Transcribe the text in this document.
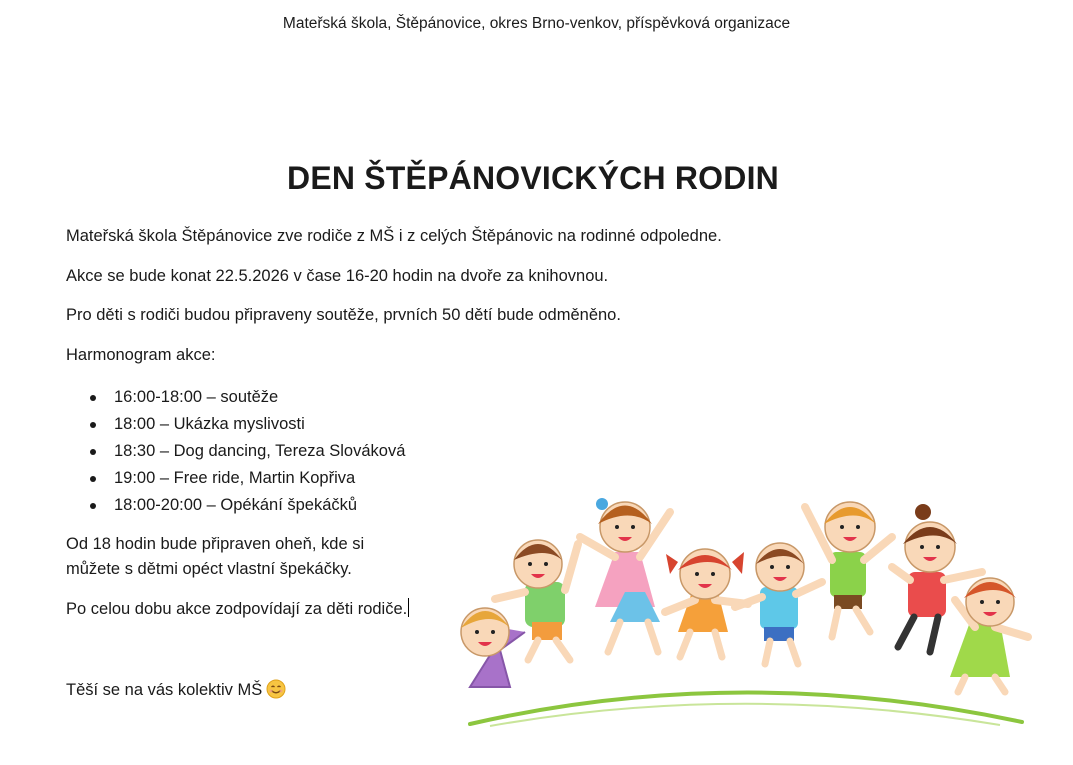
Mateřská škola, Štěpánovice, okres Brno-venkov, příspěvková organizace
DEN ŠTĚPÁNOVICKÝCH RODIN

Mateřská škola Štěpánovice zve rodiče z MŠ i z celých Štěpánovic na rodinné odpoledne.

Akce se bude konat 22.5.2026 v čase 16-20 hodin na dvoře za knihovnou.

Pro děti s rodiči budou připraveny soutěže, prvních 50 dětí bude odměněno.

Harmonogram akce:

16:00-18:00 – soutěže
18:00 – Ukázka myslivosti
18:30 – Dog dancing, Tereza Slováková
19:00 – Free ride, Martin Kopřiva
18:00-20:00 – Opékání špekáčků

Od 18 hodin bude připraven oheň, kde si můžete s dětmi opéct vlastní špekáčky.

Po celou dobu akce zodpovídají za děti rodiče.

Těší se na vás kolektiv MŠ
